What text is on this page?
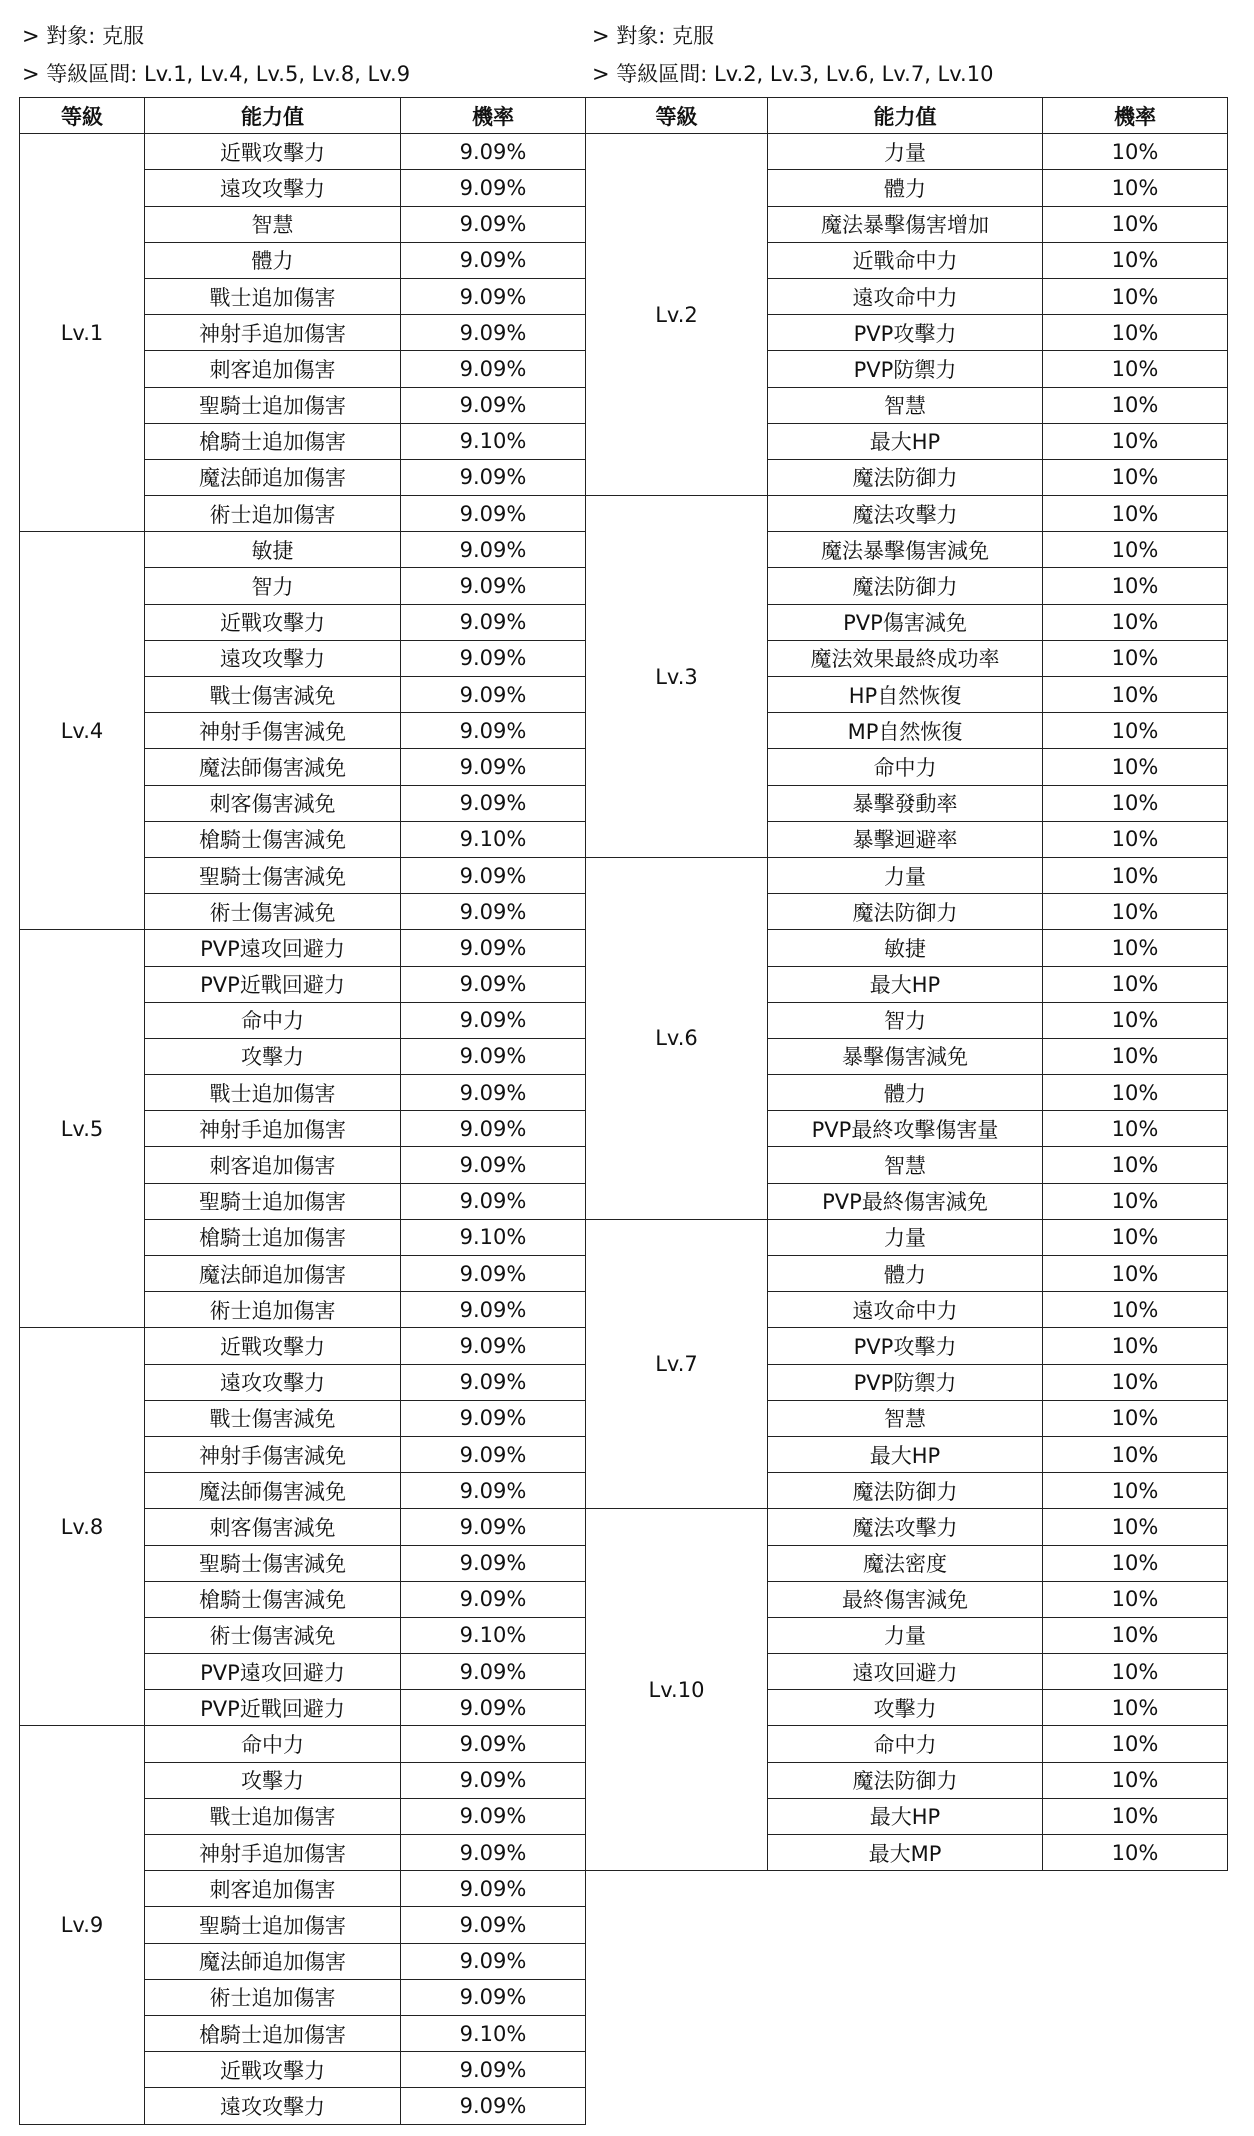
> 對象: 克服
> 等級區間: Lv.1, Lv.4, Lv.5, Lv.8, Lv.9
> 對象: 克服
> 等級區間: Lv.2, Lv.3, Lv.6, Lv.7, Lv.10
等級	能力值	機率
Lv.1	近戰攻擊力	9.09%
	遠攻攻擊力	9.09%
	智慧	9.09%
	體力	9.09%
	戰士追加傷害	9.09%
	神射手追加傷害	9.09%
	刺客追加傷害	9.09%
	聖騎士追加傷害	9.09%
	槍騎士追加傷害	9.10%
	魔法師追加傷害	9.09%
	術士追加傷害	9.09%
Lv.4	敏捷	9.09%
	智力	9.09%
	近戰攻擊力	9.09%
	遠攻攻擊力	9.09%
	戰士傷害減免	9.09%
	神射手傷害減免	9.09%
	魔法師傷害減免	9.09%
	刺客傷害減免	9.09%
	槍騎士傷害減免	9.10%
	聖騎士傷害減免	9.09%
	術士傷害減免	9.09%
Lv.5	PVP遠攻回避力	9.09%
	PVP近戰回避力	9.09%
	命中力	9.09%
	攻擊力	9.09%
	戰士追加傷害	9.09%
	神射手追加傷害	9.09%
	刺客追加傷害	9.09%
	聖騎士追加傷害	9.09%
	槍騎士追加傷害	9.10%
	魔法師追加傷害	9.09%
	術士追加傷害	9.09%
Lv.8	近戰攻擊力	9.09%
	遠攻攻擊力	9.09%
	戰士傷害減免	9.09%
	神射手傷害減免	9.09%
	魔法師傷害減免	9.09%
	刺客傷害減免	9.09%
	聖騎士傷害減免	9.09%
	槍騎士傷害減免	9.09%
	術士傷害減免	9.10%
	PVP遠攻回避力	9.09%
	PVP近戰回避力	9.09%
Lv.9	命中力	9.09%
	攻擊力	9.09%
	戰士追加傷害	9.09%
	神射手追加傷害	9.09%
	刺客追加傷害	9.09%
	聖騎士追加傷害	9.09%
	魔法師追加傷害	9.09%
	術士追加傷害	9.09%
	槍騎士追加傷害	9.10%
	近戰攻擊力	9.09%
	遠攻攻擊力	9.09%
等級	能力值	機率
Lv.2	力量	10%
	體力	10%
	魔法暴擊傷害增加	10%
	近戰命中力	10%
	遠攻命中力	10%
	PVP攻擊力	10%
	PVP防禦力	10%
	智慧	10%
	最大HP	10%
	魔法防御力	10%
Lv.3	魔法攻擊力	10%
	魔法暴擊傷害減免	10%
	魔法防御力	10%
	PVP傷害減免	10%
	魔法效果最終成功率	10%
	HP自然恢復	10%
	MP自然恢復	10%
	命中力	10%
	暴擊發動率	10%
	暴擊迴避率	10%
Lv.6	力量	10%
	魔法防御力	10%
	敏捷	10%
	最大HP	10%
	智力	10%
	暴擊傷害減免	10%
	體力	10%
	PVP最終攻擊傷害量	10%
	智慧	10%
	PVP最終傷害減免	10%
Lv.7	力量	10%
	體力	10%
	遠攻命中力	10%
	PVP攻擊力	10%
	PVP防禦力	10%
	智慧	10%
	最大HP	10%
	魔法防御力	10%
Lv.10	魔法攻擊力	10%
	魔法密度	10%
	最終傷害減免	10%
	力量	10%
	遠攻回避力	10%
	攻擊力	10%
	命中力	10%
	魔法防御力	10%
	最大HP	10%
	最大MP	10%
